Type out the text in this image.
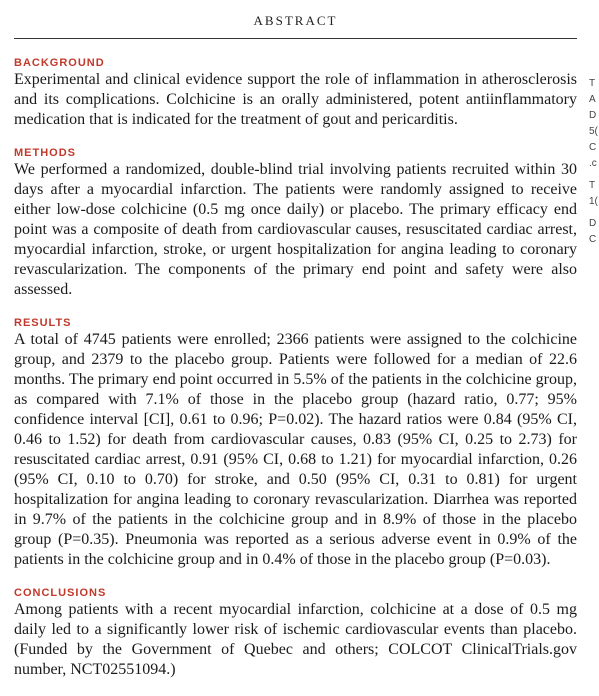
ABSTRACT
BACKGROUND

Experimental and clinical evidence support the role of inflammation in atherosclerosis and its complications. Colchicine is an orally administered, potent antiinflammatory medication that is indicated for the treatment of gout and pericarditis.

METHODS

We performed a randomized, double-blind trial involving patients recruited within 30 days after a myocardial infarction. The patients were randomly assigned to receive either low-dose colchicine (0.5 mg once daily) or placebo. The primary efficacy end point was a composite of death from cardiovascular causes, resuscitated cardiac arrest, myocardial infarction, stroke, or urgent hospitalization for angina leading to coronary revascularization. The components of the primary end point and safety were also assessed.

RESULTS

A total of 4745 patients were enrolled; 2366 patients were assigned to the colchicine group, and 2379 to the placebo group. Patients were followed for a median of 22.6 months. The primary end point occurred in 5.5% of the patients in the colchicine group, as compared with 7.1% of those in the placebo group (hazard ratio, 0.77; 95% confidence interval [CI], 0.61 to 0.96; P=0.02). The hazard ratios were 0.84 (95% CI, 0.46 to 1.52) for death from cardiovascular causes, 0.83 (95% CI, 0.25 to 2.73) for resuscitated cardiac arrest, 0.91 (95% CI, 0.68 to 1.21) for myocardial infarction, 0.26 (95% CI, 0.10 to 0.70) for stroke, and 0.50 (95% CI, 0.31 to 0.81) for urgent hospitalization for angina leading to coronary revascularization. Diarrhea was reported in 9.7% of the patients in the colchicine group and in 8.9% of those in the placebo group (P=0.35). Pneumonia was reported as a serious adverse event in 0.9% of the patients in the colchicine group and in 0.4% of those in the placebo group (P=0.03).

CONCLUSIONS

Among patients with a recent myocardial infarction, colchicine at a dose of 0.5 mg daily led to a significantly lower risk of ischemic cardiovascular events than placebo. (Funded by the Government of Quebec and others; COLCOT ClinicalTrials.gov number, NCT02551094.)

T
A
D
5(
C
.c
T
1(
D
C
